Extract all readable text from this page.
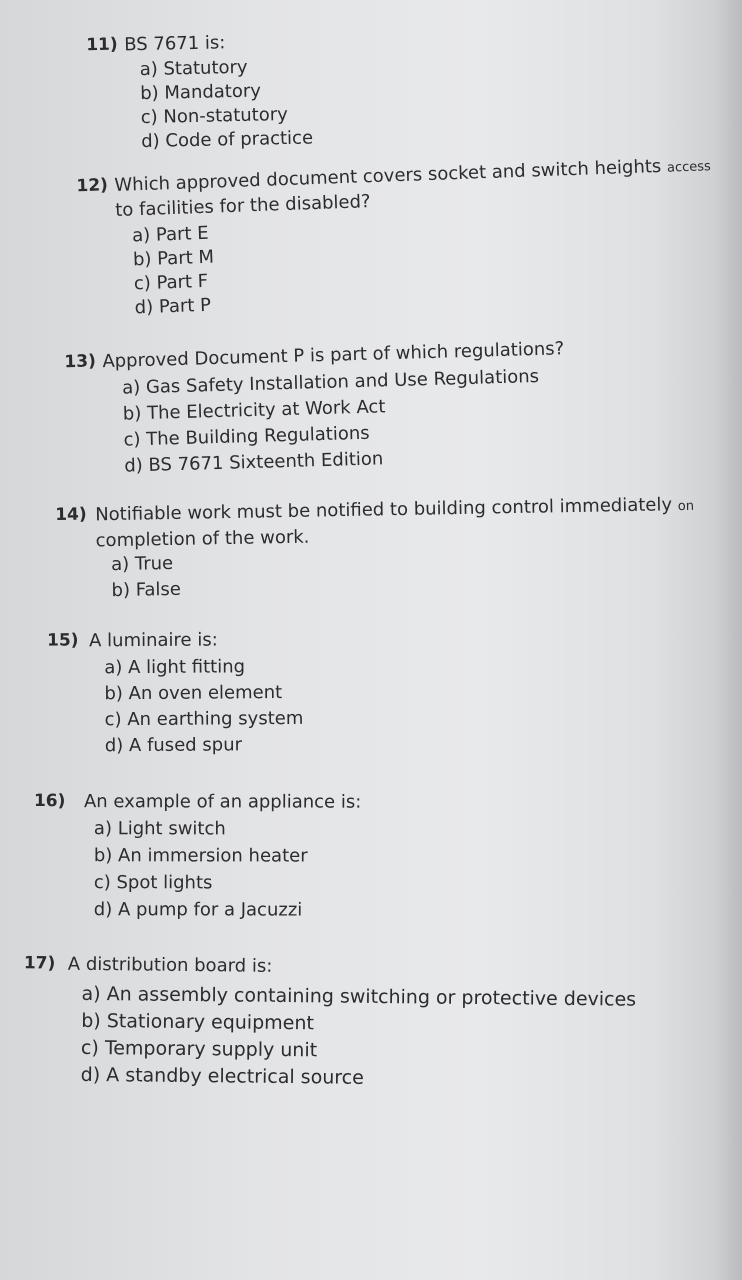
11) BS 7671 is:
a) Statutory
b) Mandatory
c) Non-statutory
d) Code of practice
12) Which approved document covers socket and switch heights access
to facilities for the disabled?
a) Part E
b) Part M
c) Part F
d) Part P
13) Approved Document P is part of which regulations?
a) Gas Safety Installation and Use Regulations
b) The Electricity at Work Act
c) The Building Regulations
d) BS 7671 Sixteenth Edition
14) Notifiable work must be notified to building control immediately on
completion of the work.
a) True
b) False
15) A luminaire is:
a) A light fitting
b) An oven element
c) An earthing system
d) A fused spur
16) An example of an appliance is:
a) Light switch
b) An immersion heater
c) Spot lights
d) A pump for a Jacuzzi
17) A distribution board is:
a) An assembly containing switching or protective devices
b) Stationary equipment
c) Temporary supply unit
d) A standby electrical source
